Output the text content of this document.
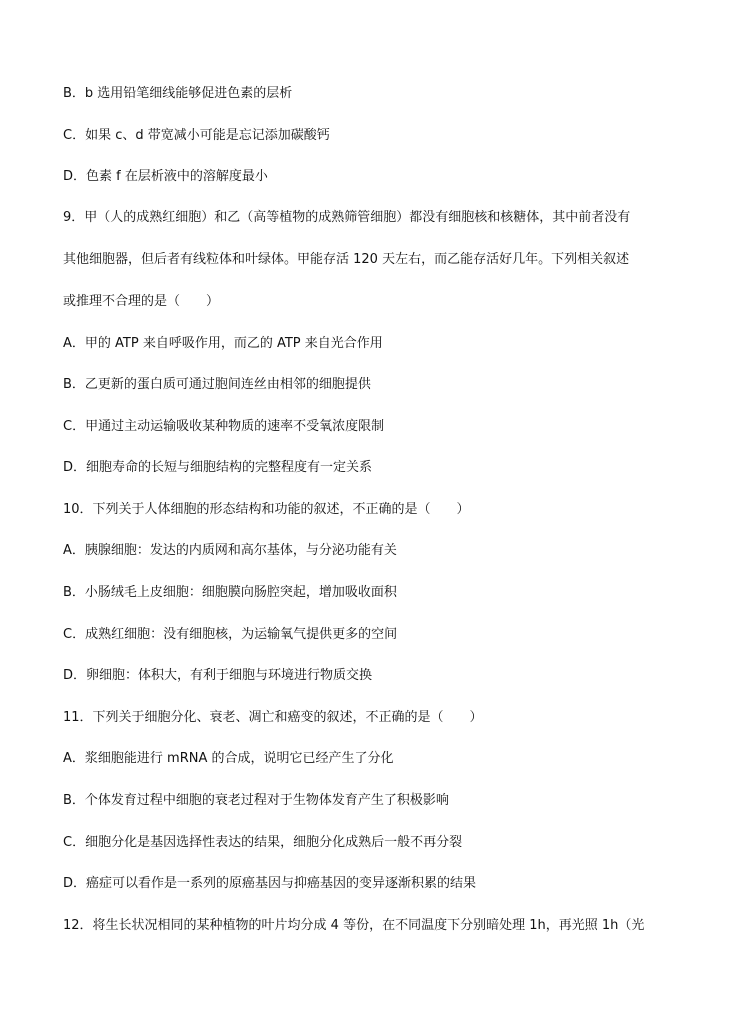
B．b 选用铅笔细线能够促进色素的层析
C．如果 c、d 带宽减小可能是忘记添加碳酸钙
D．色素 f 在层析液中的溶解度最小
9．甲（人的成熟红细胞）和乙（高等植物的成熟筛管细胞）都没有细胞核和核糖体，其中前者没有
其他细胞器，但后者有线粒体和叶绿体。甲能存活 120 天左右，而乙能存活好几年。下列相关叙述
或推理不合理的是（　　）
A．甲的 ATP 来自呼吸作用，而乙的 ATP 来自光合作用
B．乙更新的蛋白质可通过胞间连丝由相邻的细胞提供
C．甲通过主动运输吸收某种物质的速率不受氧浓度限制
D．细胞寿命的长短与细胞结构的完整程度有一定关系
10．下列关于人体细胞的形态结构和功能的叙述，不正确的是（　　）
A．胰腺细胞：发达的内质网和高尔基体，与分泌功能有关
B．小肠绒毛上皮细胞：细胞膜向肠腔突起，增加吸收面积
C．成熟红细胞：没有细胞核，为运输氧气提供更多的空间
D．卵细胞：体积大，有利于细胞与环境进行物质交换
11．下列关于细胞分化、衰老、凋亡和癌变的叙述，不正确的是（　　）
A．浆细胞能进行 mRNA 的合成，说明它已经产生了分化
B．个体发育过程中细胞的衰老过程对于生物体发育产生了积极影响
C．细胞分化是基因选择性表达的结果，细胞分化成熟后一般不再分裂
D．癌症可以看作是一系列的原癌基因与抑癌基因的变异逐渐积累的结果
12．将生长状况相同的某种植物的叶片均分成 4 等份，在不同温度下分别暗处理 1h，再光照 1h（光
